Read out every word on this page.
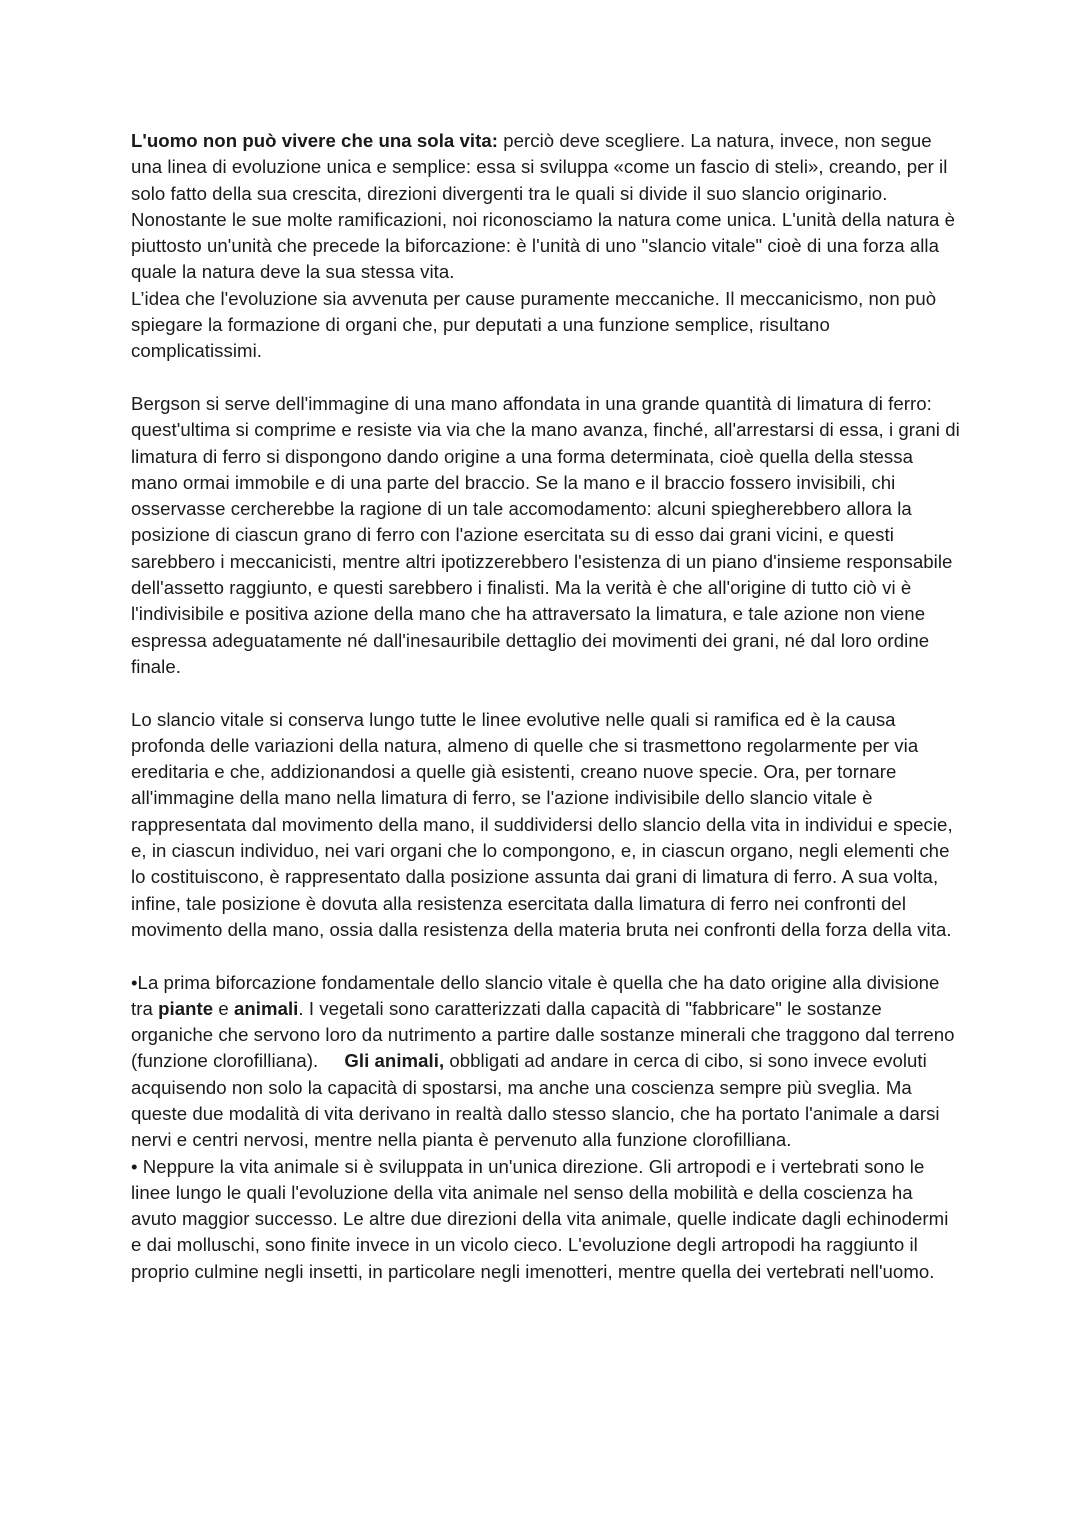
L'uomo non può vivere che una sola vita: perciò deve scegliere. La natura, invece, non segue una linea di evoluzione unica e semplice: essa si sviluppa «come un fascio di steli», creando, per il solo fatto della sua crescita, direzioni divergenti tra le quali si divide il suo slancio originario.

Nonostante le sue molte ramificazioni, noi riconosciamo la natura come unica. L'unità della natura è piuttosto un'unità che precede la biforcazione: è l'unità di uno "slancio vitale" cioè di una forza alla quale la natura deve la sua stessa vita.

L’idea che l'evoluzione sia avvenuta per cause puramente meccaniche. Il meccanicismo, non può spiegare la formazione di organi che, pur deputati a una funzione semplice, risultano complicatissimi.

Bergson si serve dell'immagine di una mano affondata in una grande quantità di limatura di ferro: quest'ultima si comprime e resiste via via che la mano avanza, finché, all'arrestarsi di essa, i grani di limatura di ferro si dispongono dando origine a una forma determinata, cioè quella della stessa mano ormai immobile e di una parte del braccio. Se la mano e il braccio fossero invisibili, chi osservasse cercherebbe la ragione di un tale accomodamento: alcuni spiegherebbero allora la posizione di ciascun grano di ferro con l'azione esercitata su di esso dai grani vicini, e questi sarebbero i meccanicisti, mentre altri ipotizzerebbero l'esistenza di un piano d'insieme responsabile dell'assetto raggiunto, e questi sarebbero i finalisti. Ma la verità è che all'origine di tutto ciò vi è l'indivisibile e positiva azione della mano che ha attraversato la limatura, e tale azione non viene espressa adeguatamente né dall'inesauribile dettaglio dei movimenti dei grani, né dal loro ordine finale.

Lo slancio vitale si conserva lungo tutte le linee evolutive nelle quali si ramifica ed è la causa profonda delle variazioni della natura, almeno di quelle che si trasmettono regolarmente per via ereditaria e che, addizionandosi a quelle già esistenti, creano nuove specie. Ora, per tornare all'immagine della mano nella limatura di ferro, se l'azione indivisibile dello slancio vitale è rappresentata dal movimento della mano, il suddividersi dello slancio della vita in individui e specie, e, in ciascun individuo, nei vari organi che lo compongono, e, in ciascun organo, negli elementi che lo costituiscono, è rappresentato dalla posizione assunta dai grani di limatura di ferro. A sua volta, infine, tale posizione è dovuta alla resistenza esercitata dalla limatura di ferro nei confronti del movimento della mano, ossia dalla resistenza della materia bruta nei confronti della forza della vita.

•La prima biforcazione fondamentale dello slancio vitale è quella che ha dato origine alla divisione tra piante e animali. I vegetali sono caratterizzati dalla capacità di "fabbricare" le sostanze organiche che servono loro da nutrimento a partire dalle sostanze minerali che traggono dal terreno (funzione clorofilliana).     Gli animali, obbligati ad andare in cerca di cibo, si sono invece evoluti acquisendo non solo la capacità di spostarsi, ma anche una coscienza sempre più sveglia. Ma queste due modalità di vita derivano in realtà dallo stesso slancio, che ha portato l'animale a darsi nervi e centri nervosi, mentre nella pianta è pervenuto alla funzione clorofilliana.

• Neppure la vita animale si è sviluppata in un'unica direzione. Gli artropodi e i vertebrati sono le linee lungo le quali l'evoluzione della vita animale nel senso della mobilità e della coscienza ha avuto maggior successo. Le altre due direzioni della vita animale, quelle indicate dagli echinodermi e dai molluschi, sono finite invece in un vicolo cieco. L'evoluzione degli artropodi ha raggiunto il proprio culmine negli insetti, in particolare negli imenotteri, mentre quella dei vertebrati nell'uomo.
